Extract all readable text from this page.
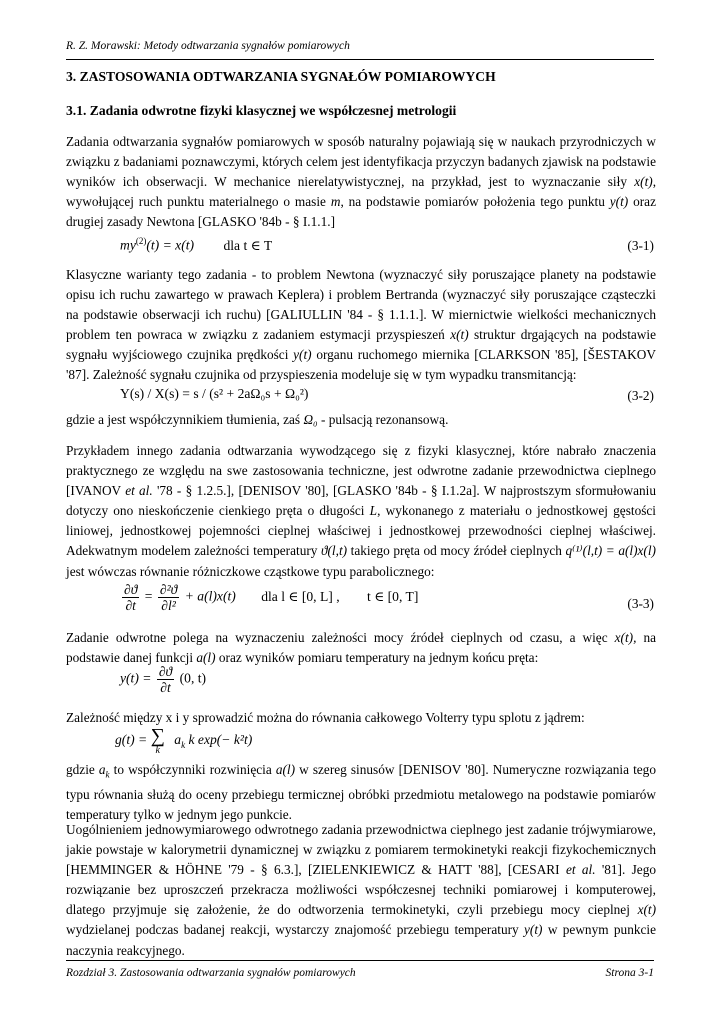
R. Z. Morawski: Metody odtwarzania sygnałów pomiarowych
3. ZASTOSOWANIA ODTWARZANIA SYGNAŁÓW POMIAROWYCH
3.1. Zadania odwrotne fizyki klasycznej we współczesnej metrologii

Zadania odtwarzania sygnałów pomiarowych w sposób naturalny pojawiają się w naukach przyrodniczych w związku z badaniami poznawczymi, których celem jest identyfikacja przyczyn badanych zjawisk na podstawie wyników ich obserwacji. W mechanice nierelatywistycznej, na przykład, jest to wyznaczanie siły x(t), wywołującej ruch punktu materialnego o masie m, na podstawie pomiarów położenia tego punktu y(t) oraz drugiej zasady Newtona [GLASKO '84b - § I.1.1.]

$my^{(2)}(t) = x(t)$ dla t ∈ T	(3-1)

Klasyczne warianty tego zadania - to problem Newtona (wyznaczyć siły poruszające planety na podstawie opisu ich ruchu zawartego w prawach Keplera) i problem Bertranda (wyznaczyć siły poruszające cząsteczki na podstawie obserwacji ich ruchu) [GALIULLIN '84 - § 1.1.1.]. W miernictwie wielkości mechanicznych problem ten powraca w związku z zadaniem estymacji przyspieszeń x(t) struktur drgających na podstawie sygnału wyjściowego czujnika prędkości y(t) organu ruchomego miernika [CLARKSON '85], [ŠESTAKOV '87]. Zależność sygnału czujnika od przyspieszenia modeluje się w tym wypadku transmitancją:

Y(s) / X(s) = s / (s² + 2aΩ₀s + Ω₀²)	(3-2)

gdzie a jest współczynnikiem tłumienia, zaś Ω₀ - pulsacją rezonansową.

Przykładem innego zadania odtwarzania wywodzącego się z fizyki klasycznej, które nabrało znaczenia praktycznego ze względu na swe zastosowania techniczne, jest odwrotne zadanie przewodnictwa cieplnego [IVANOV et al. '78 - § 1.2.5.], [DENISOV '80], [GLASKO '84b - § I.1.2a]. W najprostszym sformułowaniu dotyczy ono nieskończenie cienkiego pręta o długości L, wykonanego z materiału o jednostkowej gęstości liniowej, jednostkowej pojemności cieplnej właściwej i jednostkowej przewodności cieplnej właściwej. Adekwatnym modelem zależności temperatury ϑ(l,t) takiego pręta od mocy źródeł cieplnych q⁽¹⁾(l,t) = a(l)x(l) jest wówczas równanie różniczkowe cząstkowe typu parabolicznego:

$\frac{\partial ϑ}{\partial t} = \frac{\text{∂²ϑ}}{\text{∂l²}} + a(l)x(t)$ dla l ∈ [0, L] , t ∈ [0, T]	(3-3)

Zadanie odwrotne polega na wyznaczeniu zależności mocy źródeł cieplnych od czasu, a więc x(t), na podstawie danej funkcji a(l) oraz wyników pomiaru temperatury na jednym końcu pręta:

$y(t) = \frac{\partial ϑ}{\partial t} (0$, t)

Zależność między x i y sprowadzić można do równania całkowego Volterry typu splotu z jądrem:

g(t) = ∑
k
$a_k$ k exp(− k²t)

gdzie $a_k$ to współczynniki rozwinięcia a(l) w szereg sinusów [DENISOV '80]. Numeryczne rozwiązania tego typu równania służą do oceny przebiegu termicznej obróbki przedmiotu metalowego na podstawie pomiarów temperatury tylko w jednym jego punkcie.

Uogólnieniem jednowymiarowego odwrotnego zadania przewodnictwa cieplnego jest zadanie trójwymiarowe, jakie powstaje w kalorymetrii dynamicznej w związku z pomiarem termokinetyki reakcji fizykochemicznych [HEMMINGER & HÖHNE '79 - § 6.3.], [ZIELENKIEWICZ & HATT '88], [CESARI et al. '81]. Jego rozwiązanie bez uproszczeń przekracza możliwości współczesnej techniki pomiarowej i komputerowej, dlatego przyjmuje się założenie, że do odtworzenia termokinetyki, czyli przebiegu mocy cieplnej x(t) wydzielanej podczas badanej reakcji, wystarczy znajomość przebiegu temperatury y(t) w pewnym punkcie naczynia reakcyjnego.

Rozdział 3. Zastosowania odtwarzania sygnałów pomiarowych	Strona 3-1
